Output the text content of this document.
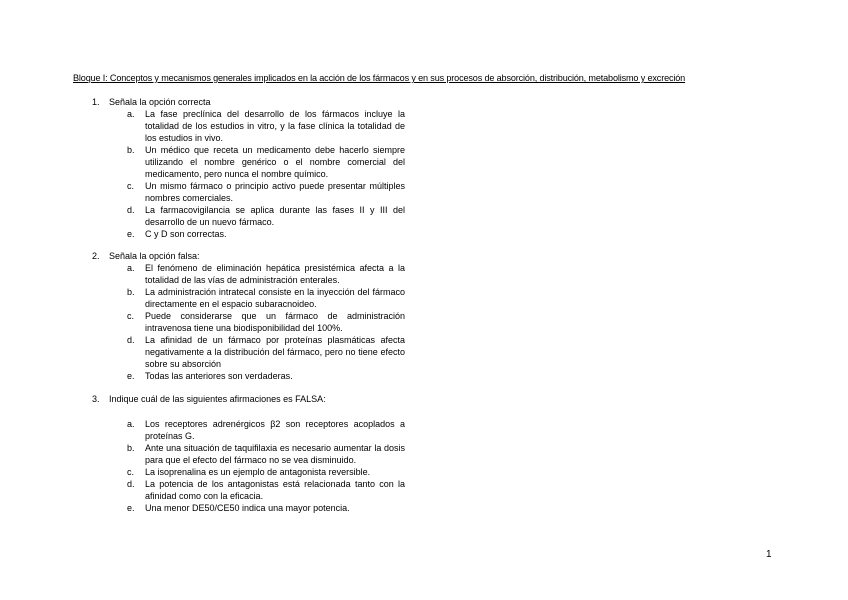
Bloque I: Conceptos y mecanismos generales implicados en la acción de los fármacos y en sus procesos de absorción, distribución, metabolismo y excreción
1. Señala la opción correcta
a. La fase preclínica del desarrollo de los fármacos incluye la totalidad de los estudios in vitro, y la fase clínica la totalidad de los estudios in vivo.
b. Un médico que receta un medicamento debe hacerlo siempre utilizando el nombre genérico o el nombre comercial del medicamento, pero nunca el nombre químico.
c. Un mismo fármaco o principio activo puede presentar múltiples nombres comerciales.
d. La farmacovigilancia se aplica durante las fases II y III del desarrollo de un nuevo fármaco.
e. C y D son correctas.
2. Señala la opción falsa:
a. El fenómeno de eliminación hepática presistémica afecta a la totalidad de las vías de administración enterales.
b. La administración intratecal consiste en la inyección del fármaco directamente en el espacio subaracnoideo.
c. Puede considerarse que un fármaco de administración intravenosa tiene una biodisponibilidad del 100%.
d. La afinidad de un fármaco por proteínas plasmáticas afecta negativamente a la distribución del fármaco, pero no tiene efecto sobre su absorción
e. Todas las anteriores son verdaderas.
3. Indique cuál de las siguientes afirmaciones es FALSA:
a. Los receptores adrenérgicos β2 son receptores acoplados a proteínas G.
b. Ante una situación de taquifilaxia es necesario aumentar la dosis para que el efecto del fármaco no se vea disminuido.
c. La isoprenalina es un ejemplo de antagonista reversible.
d. La potencia de los antagonistas está relacionada tanto con la afinidad como con la eficacia.
e. Una menor DE50/CE50 indica una mayor potencia.
1
